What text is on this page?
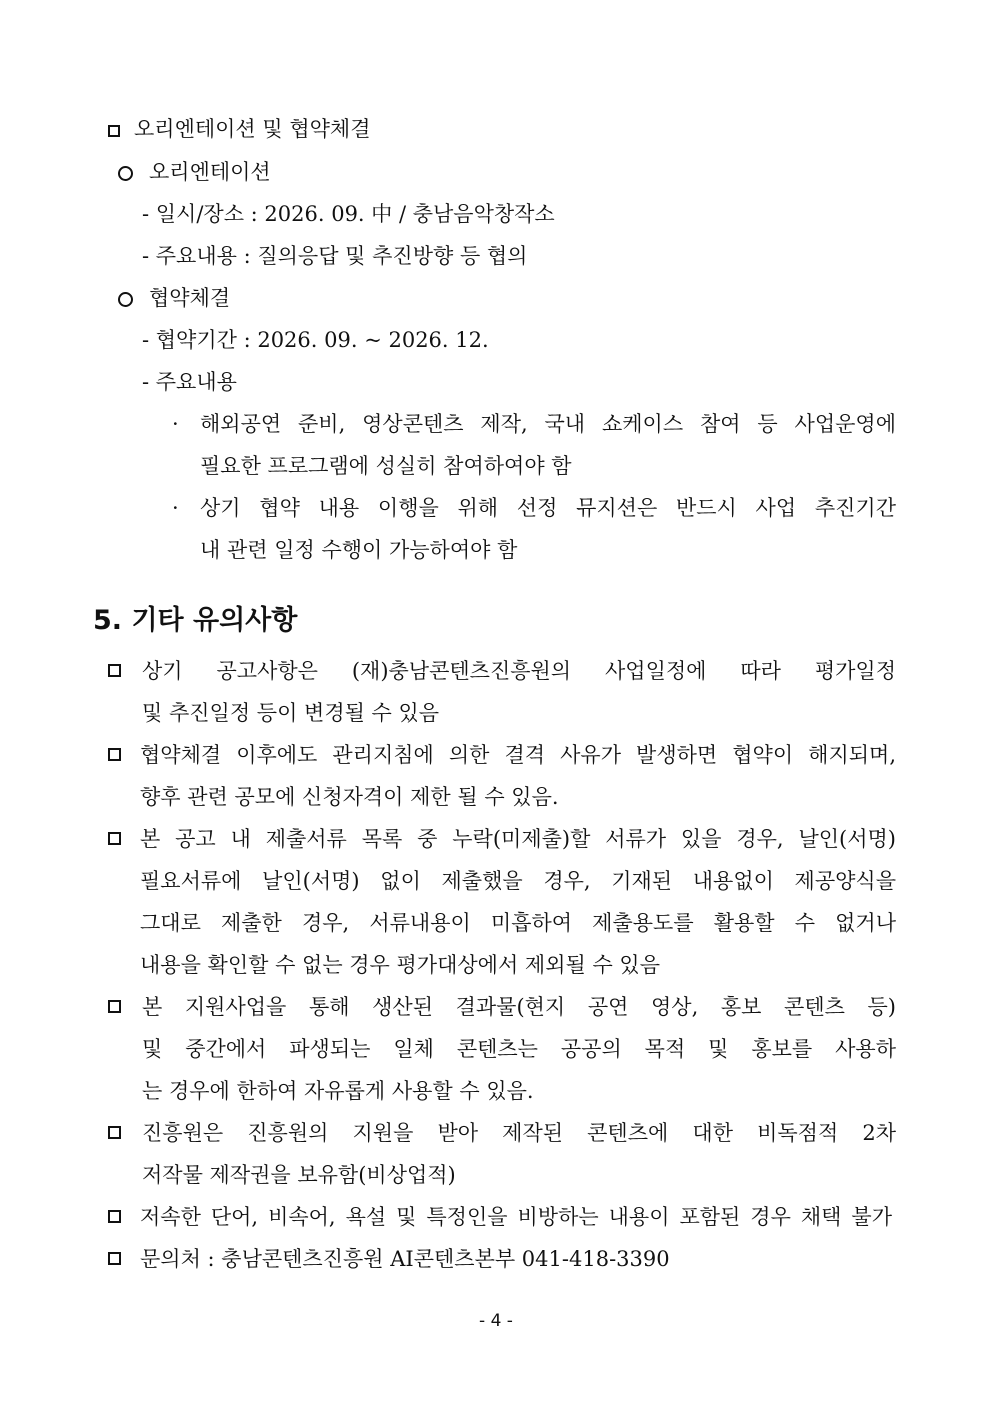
오리엔테이션 및 협약체결
오리엔테이션
- 일시/장소 : 2026. 09. 中 / 충남음악창작소
- 주요내용 : 질의응답 및 추진방향 등 협의
협약체결
- 협약기간 : 2026. 09. ~ 2026. 12.
- 주요내용
· 해외공연 준비, 영상콘텐츠 제작, 국내 쇼케이스 참여 등 사업운영에
필요한 프로그램에 성실히 참여하여야 함
· 상기 협약 내용 이행을 위해 선정 뮤지션은 반드시 사업 추진기간
내 관련 일정 수행이 가능하여야 함
5. 기타 유의사항
상기 공고사항은 (재)충남콘텐츠진흥원의 사업일정에 따라 평가일정
및 추진일정 등이 변경될 수 있음
협약체결 이후에도 관리지침에 의한 결격 사유가 발생하면 협약이 해지되며,
향후 관련 공모에 신청자격이 제한 될 수 있음.
본 공고 내 제출서류 목록 중 누락(미제출)할 서류가 있을 경우, 날인(서명)
필요서류에 날인(서명) 없이 제출했을 경우, 기재된 내용없이 제공양식을
그대로 제출한 경우, 서류내용이 미흡하여 제출용도를 활용할 수 없거나
내용을 확인할 수 없는 경우 평가대상에서 제외될 수 있음
본 지원사업을 통해 생산된 결과물(현지 공연 영상, 홍보 콘텐츠 등)
및 중간에서 파생되는 일체 콘텐츠는 공공의 목적 및 홍보를 사용하
는 경우에 한하여 자유롭게 사용할 수 있음.
진흥원은 진흥원의 지원을 받아 제작된 콘텐츠에 대한 비독점적 2차
저작물 제작권을 보유함(비상업적)
저속한 단어, 비속어, 욕설 및 특정인을 비방하는 내용이 포함된 경우 채택 불가
문의처 : 충남콘텐츠진흥원 AI콘텐츠본부 041-418-3390
- 4 -
